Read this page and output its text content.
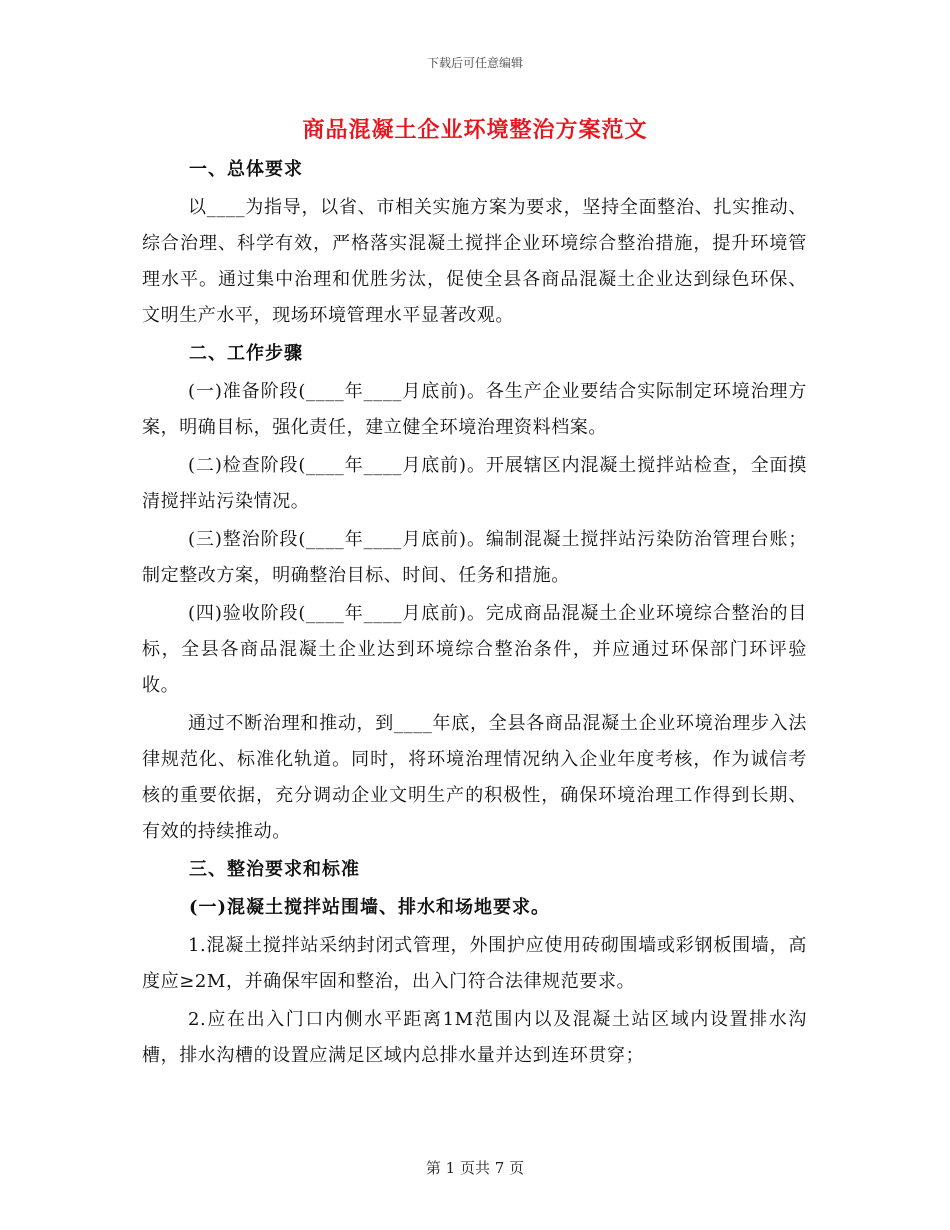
下载后可任意编辑
商品混凝土企业环境整治方案范文
一、总体要求

以____为指导，以省、市相关实施方案为要求，坚持全面整治、扎实推动、综合治理、科学有效，严格落实混凝土搅拌企业环境综合整治措施，提升环境管理水平。通过集中治理和优胜劣汰，促使全县各商品混凝土企业达到绿色环保、文明生产水平，现场环境管理水平显著改观。

二、工作步骤

(一)准备阶段(____年____月底前)。各生产企业要结合实际制定环境治理方案，明确目标，强化责任，建立健全环境治理资料档案。

(二)检查阶段(____年____月底前)。开展辖区内混凝土搅拌站检查，全面摸清搅拌站污染情况。

(三)整治阶段(____年____月底前)。编制混凝土搅拌站污染防治管理台账；制定整改方案，明确整治目标、时间、任务和措施。

(四)验收阶段(____年____月底前)。完成商品混凝土企业环境综合整治的目标，全县各商品混凝土企业达到环境综合整治条件，并应通过环保部门环评验收。

通过不断治理和推动，到____年底，全县各商品混凝土企业环境治理步入法律规范化、标准化轨道。同时，将环境治理情况纳入企业年度考核，作为诚信考核的重要依据，充分调动企业文明生产的积极性，确保环境治理工作得到长期、有效的持续推动。

三、整治要求和标准
(一)混凝土搅拌站围墙、排水和场地要求。

1.混凝土搅拌站采纳封闭式管理，外围护应使用砖砌围墙或彩钢板围墙，高度应≥2M，并确保牢固和整治，出入门符合法律规范要求。

2.应在出入门口内侧水平距离1M范围内以及混凝土站区域内设置排水沟槽，排水沟槽的设置应满足区域内总排水量并达到连环贯穿；

第 1 页共 7 页
